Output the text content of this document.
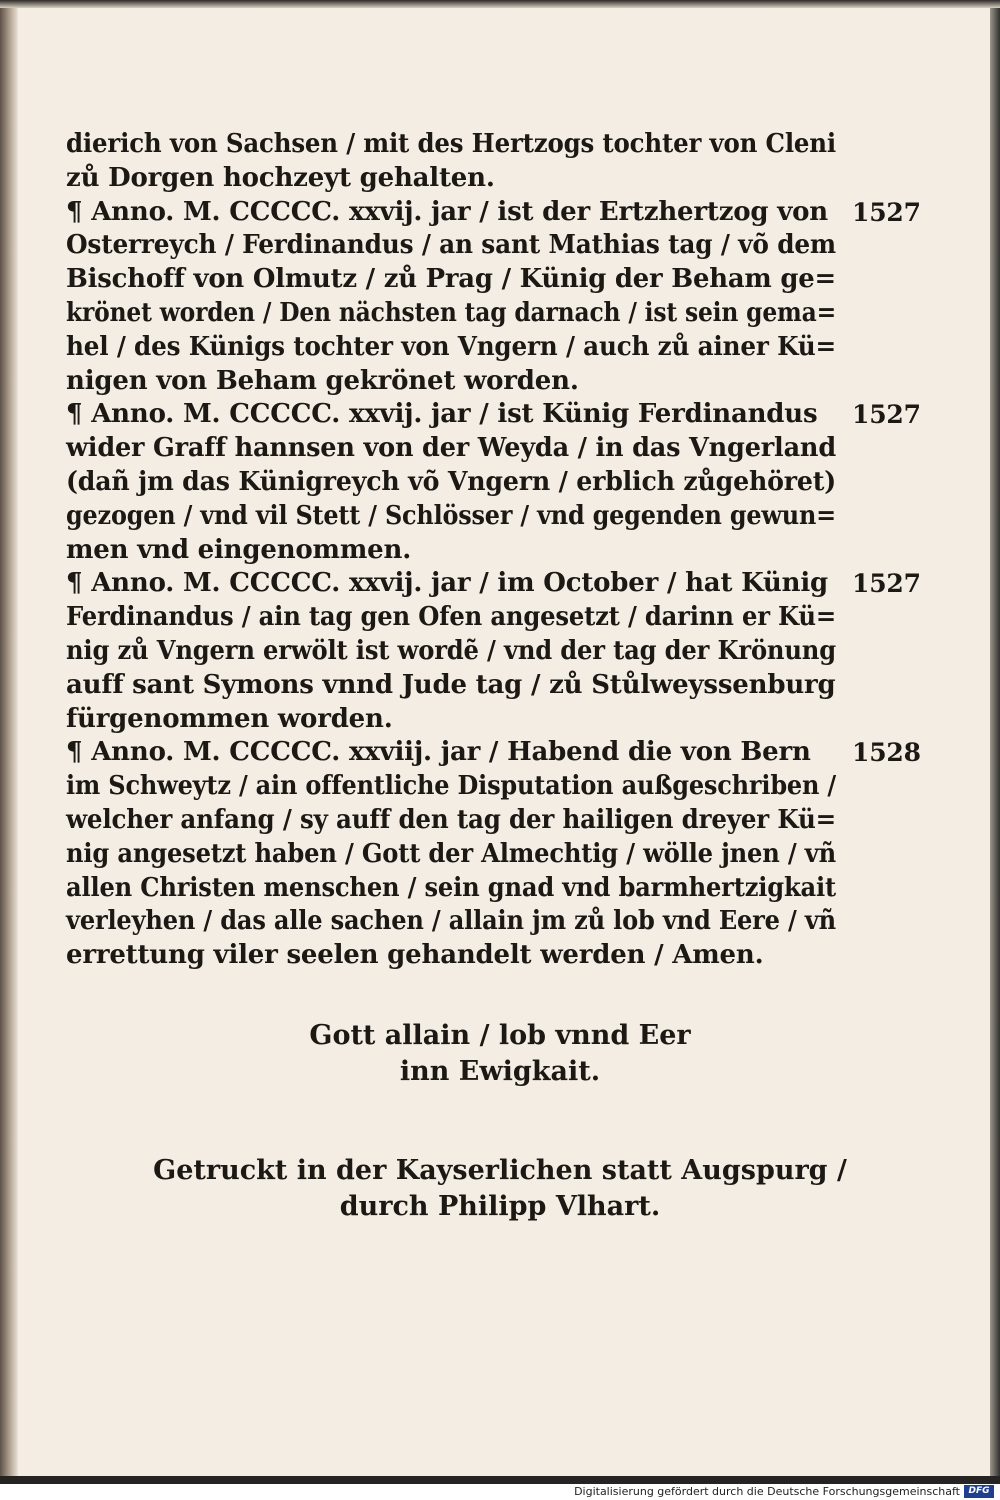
dierich von Sachsen / mit des Hertzogs tochter von Cleni
zů Dorgen hochzeyt gehalten.
¶ Anno. M. CCCCC. xxvij. jar / ist der Ertzhertzog von 1527
Osterreych / Ferdinandus / an sant Mathias tag / võ dem
Bischoff von Olmutz / zů Prag / Künig der Beham ge=
krönet worden / Den nächsten tag darnach / ist sein gema=
hel / des Künigs tochter von Vngern / auch zů ainer Kü=
nigen von Beham gekrönet worden.
¶ Anno. M. CCCCC. xxvij. jar / ist Künig Ferdinandus 1527
wider Graff hannsen von der Weyda / in das Vngerland
(dañ jm das Künigreych võ Vngern / erblich zůgehöret)
gezogen / vnd vil Stett / Schlösser / vnd gegenden gewun=
men vnd eingenommen.
¶ Anno. M. CCCCC. xxvij. jar / im October / hat Künig 1527
Ferdinandus / ain tag gen Ofen angesetzt / darinn er Kü=
nig zů Vngern erwölt ist wordẽ / vnd der tag der Krönung
auff sant Symons vnnd Jude tag / zů Stůlweyssenburg
fürgenommen worden.
¶ Anno. M. CCCCC. xxviij. jar / Habend die von Bern 1528
im Schweytz / ain offentliche Disputation außgeschriben /
welcher anfang / sy auff den tag der hailigen dreyer Kü=
nig angesetzt haben / Gott der Almechtig / wölle jnen / vñ
allen Christen menschen / sein gnad vnd barmhertzigkait
verleyhen / das alle sachen / allain jm zů lob vnd Eere / vñ
errettung viler seelen gehandelt werden / Amen.
Gott allain / lob vnnd Eer
inn Ewigkait.
Getruckt in der Kayserlichen statt Augspurg /
durch Philipp Vlhart.
Digitalisierung gefördert durch die Deutsche Forschungsgemeinschaft DFG
